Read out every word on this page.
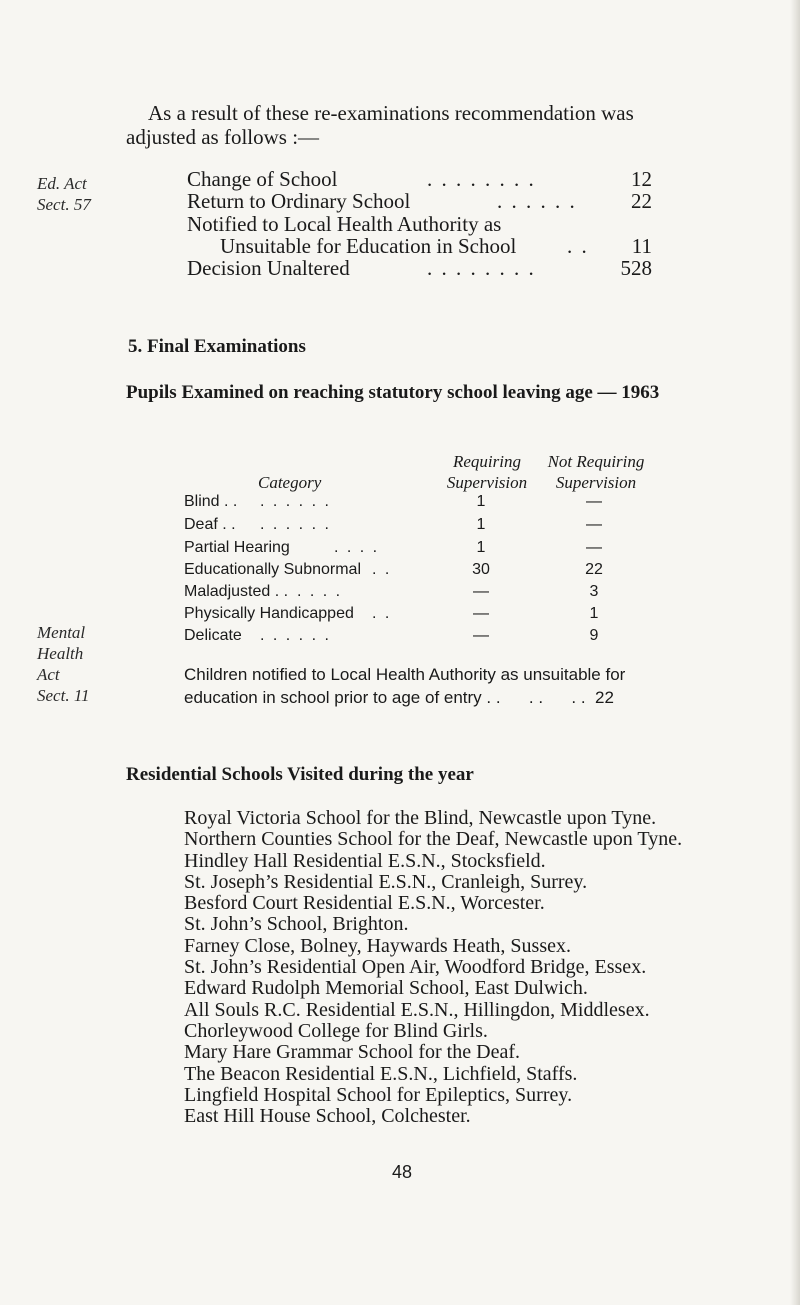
Ed. Act
Sect. 57
Mental
Health
Act
Sect. 11
As a result of these re-examinations recommendation was
adjusted as follows :—
Change of School	. . . . . . . .	12
Return to Ordinary School	. . . . . .	22
Notified to Local Health Authority as
Unsuitable for Education in School . .	11
Decision Unaltered	. . . . . . . .	528
5. Final Examinations
Pupils Examined on reaching statutory school leaving age — 1963
Requiring
Supervision
Not Requiring
Supervision
Category
Blind . . . . . . . .	1	—
Deaf . . . . . . . .	1	—
Partial Hearing	. . . .	1	—
Educationally Subnormal . .	30	22
Maladjusted . . . . . .	—	3
Physically Handicapped . .	—	1
Delicate . . . . . .	—	9
Children notified to Local Health Authority as unsuitable for
education in school prior to age of entry . .      . .      . .  22
Residential Schools Visited during the year
Royal Victoria School for the Blind, Newcastle upon Tyne.
Northern Counties School for the Deaf, Newcastle upon Tyne.
Hindley Hall Residential E.S.N., Stocksfield.
St. Joseph’s Residential E.S.N., Cranleigh, Surrey.
Besford Court Residential E.S.N., Worcester.
St. John’s School, Brighton.
Farney Close, Bolney, Haywards Heath, Sussex.
St. John’s Residential Open Air, Woodford Bridge, Essex.
Edward Rudolph Memorial School, East Dulwich.
All Souls R.C. Residential E.S.N., Hillingdon, Middlesex.
Chorleywood College for Blind Girls.
Mary Hare Grammar School for the Deaf.
The Beacon Residential E.S.N., Lichfield, Staffs.
Lingfield Hospital School for Epileptics, Surrey.
East Hill House School, Colchester.
48
